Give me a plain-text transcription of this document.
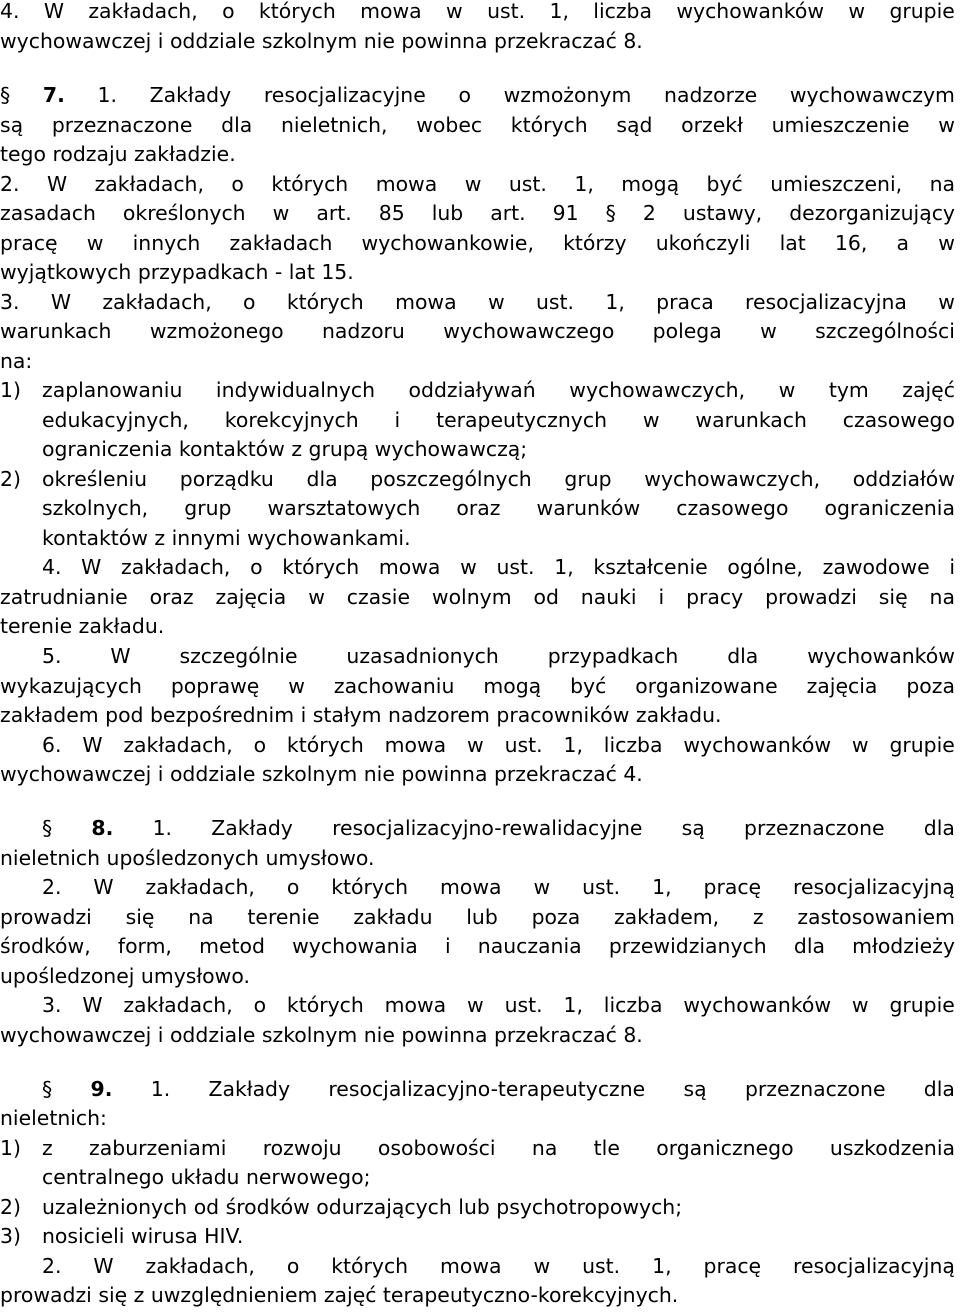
4. W zakładach, o których mowa w ust. 1, liczba wychowanków w grupie
wychowawczej i oddziale szkolnym nie powinna przekraczać 8.
§ 7. 1. Zakłady resocjalizacyjne o wzmożonym nadzorze wychowawczym
są przeznaczone dla nieletnich, wobec których sąd orzekł umieszczenie w
tego rodzaju zakładzie.
2. W zakładach, o których mowa w ust. 1, mogą być umieszczeni, na
zasadach określonych w art. 85 lub art. 91 § 2 ustawy, dezorganizujący
pracę w innych zakładach wychowankowie, którzy ukończyli lat 16, a w
wyjątkowych przypadkach - lat 15.
3. W zakładach, o których mowa w ust. 1, praca resocjalizacyjna w
warunkach wzmożonego nadzoru wychowawczego polega w szczególności
na:
1)	zaplanowaniu indywidualnych oddziaływań wychowawczych, w tym zajęć
edukacyjnych, korekcyjnych i terapeutycznych w warunkach czasowego
ograniczenia kontaktów z grupą wychowawczą;
2)	określeniu porządku dla poszczególnych grup wychowawczych, oddziałów
szkolnych, grup warsztatowych oraz warunków czasowego ograniczenia
kontaktów z innymi wychowankami.
4. W zakładach, o których mowa w ust. 1, kształcenie ogólne, zawodowe i
zatrudnianie oraz zajęcia w czasie wolnym od nauki i pracy prowadzi się na
terenie zakładu.
5. W szczególnie uzasadnionych przypadkach dla wychowanków
wykazujących poprawę w zachowaniu mogą być organizowane zajęcia poza
zakładem pod bezpośrednim i stałym nadzorem pracowników zakładu.
6. W zakładach, o których mowa w ust. 1, liczba wychowanków w grupie
wychowawczej i oddziale szkolnym nie powinna przekraczać 4.
§ 8. 1. Zakłady resocjalizacyjno-rewalidacyjne są przeznaczone dla
nieletnich upośledzonych umysłowo.
2. W zakładach, o których mowa w ust. 1, pracę resocjalizacyjną
prowadzi się na terenie zakładu lub poza zakładem, z zastosowaniem
środków, form, metod wychowania i nauczania przewidzianych dla młodzieży
upośledzonej umysłowo.
3. W zakładach, o których mowa w ust. 1, liczba wychowanków w grupie
wychowawczej i oddziale szkolnym nie powinna przekraczać 8.
§ 9. 1. Zakłady resocjalizacyjno-terapeutyczne są przeznaczone dla
nieletnich:
1)	z zaburzeniami rozwoju osobowości na tle organicznego uszkodzenia
centralnego układu nerwowego;
2)	uzależnionych od środków odurzających lub psychotropowych;
3)	nosicieli wirusa HIV.
2. W zakładach, o których mowa w ust. 1, pracę resocjalizacyjną
prowadzi się z uwzględnieniem zajęć terapeutyczno-korekcyjnych.
